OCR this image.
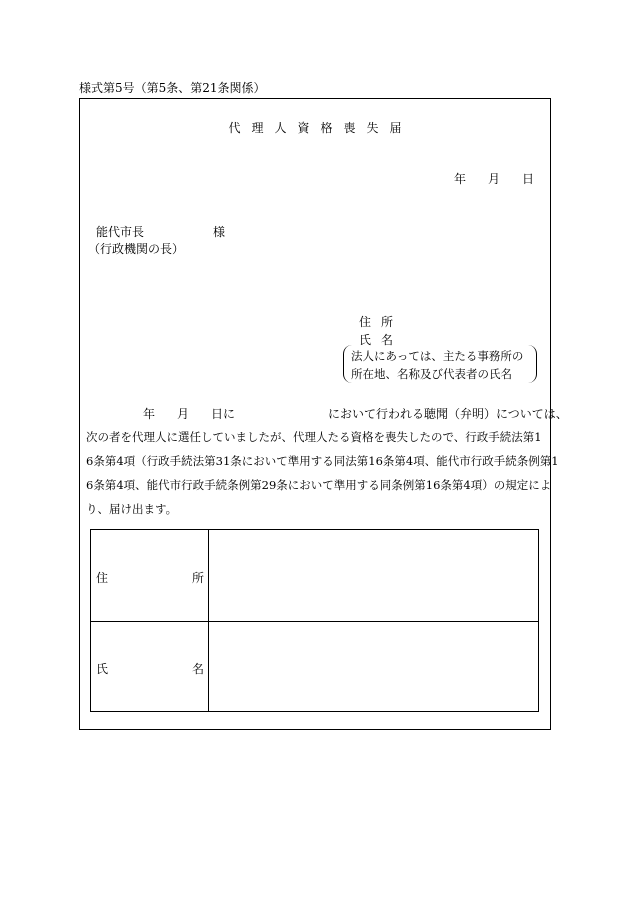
様式第5号（第5条、第21条関係）
代理人資格喪失届
年 月 日
能代市長	様
（行政機関の長）
住所
氏名
法人にあっては、主たる事務所の
所在地、名称及び代表者の氏名
年 月 日に	において行われる聴聞（弁明）については、
次の者を代理人に選任していましたが、代理人たる資格を喪失したので、行政手続法第1
6条第4項（行政手続法第31条において準用する同法第16条第4項、能代市行政手続条例第1
6条第4項、能代市行政手続条例第29条において準用する同条例第16条第4項）の規定によ
り、届け出ます。
住	所
氏	名
